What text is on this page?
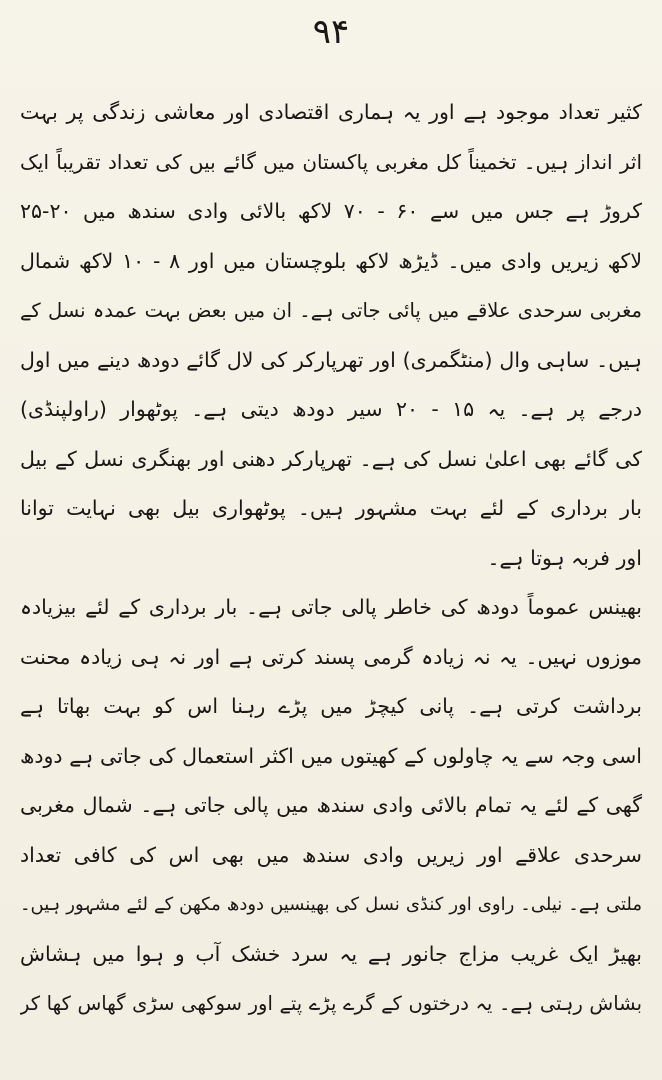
۹۴
کثیر تعداد موجود ہے اور یہ ہماری اقتصادی اور معاشی زندگی پر بہت
اثر انداز ہیں۔ تخمیناً کل مغربی پاکستان میں گائے بیں کی تعداد تقریباً ایک
کروڑ ہے جس میں سے ۶۰ - ۷۰ لاکھ بالائی وادی سندھ میں ۲۰-۲۵
لاکھ زیریں وادی میں۔ ڈیڑھ لاکھ بلوچستان میں اور ۸ - ۱۰ لاکھ شمال
مغربی سرحدی علاقے میں پائی جاتی ہے۔ ان میں بعض بہت عمدہ نسل کے
ہیں۔ ساہی وال (منٹگمری) اور تھرپارکر کی لال گائے دودھ دینے میں اول
درجے پر ہے۔ یہ ۱۵ - ۲۰ سیر دودھ دیتی ہے۔ پوٹھوار (راولپنڈی)
کی گائے بھی اعلیٰ نسل کی ہے۔ تھرپارکر دھنی اور بھنگری نسل کے بیل
بار برداری کے لئے بہت مشہور ہیں۔ پوٹھواری بیل بھی نہایت توانا
اور فربہ ہوتا ہے۔
بھینس عموماً دودھ کی خاطر پالی جاتی ہے۔ بار برداری کے لئے بیزیادہ
موزوں نہیں۔ یہ نہ زیادہ گرمی پسند کرتی ہے اور نہ ہی زیادہ محنت
برداشت کرتی ہے۔ پانی کیچڑ میں پڑے رہنا اس کو بہت بھاتا ہے
اسی وجہ سے یہ چاولوں کے کھیتوں میں اکثر استعمال کی جاتی ہے دودھ
گھی کے لئے یہ تمام بالائی وادی سندھ میں پالی جاتی ہے۔ شمال مغربی
سرحدی علاقے اور زیریں وادی سندھ میں بھی اس کی کافی تعداد
ملتی ہے۔ نیلی۔ راوی اور کنڈی نسل کی بھینسیں دودھ مکھن کے لئے مشہور ہیں۔
بھیڑ ایک غریب مزاج جانور ہے یہ سرد خشک آب و ہوا میں ہشاش
بشاش رہتی ہے۔ یہ درختوں کے گرے پڑے پتے اور سوکھی سڑی گھاس کھا کر
